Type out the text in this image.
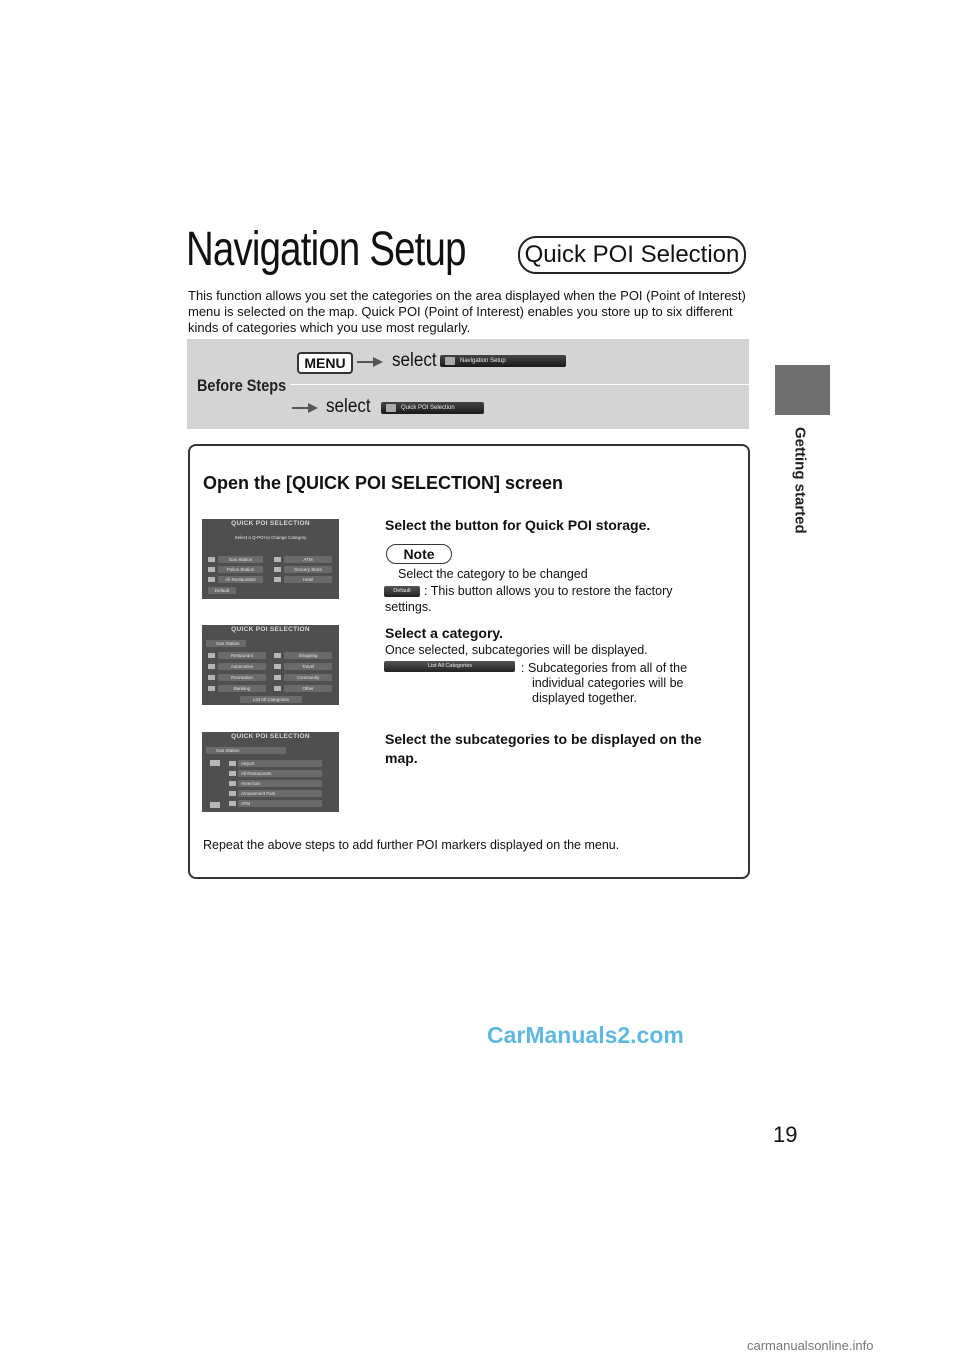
Getting started
Navigation Setup Quick POI Selection
This function allows you set the categories on the area displayed when the POI (Point of Interest) menu is selected on the map. Quick POI (Point of Interest) enables you store up to six different kinds of categories which you use most regularly.
Before Steps
MENU	select	Navigation Setup
select	Quick POI Selection
Open the [QUICK POI SELECTION] screen
QUICK POI SELECTION
Select a Q-POI to Change Category
Gas Station
Police Station
All Restaurants
ATM
Grocery Store
Hotel
Default
QUICK POI SELECTION
Gas Station
Restaurant
Automotive
Recreation
Banking
Shopping
Travel
Community
Other
List All Categories
QUICK POI SELECTION
Gas Station
Airport
All Restaurants
American
Amusement Park
ATM
Select the button for Quick POI storage.
Note
Select the category to be changed
Default	: This button allows you to restore the factory
settings.
Select a category.
Once selected, subcategories will be displayed.
List All Categories	: Subcategories from all of the
individual categories will be
displayed together.
Select the subcategories to be displayed on the
map.
Repeat the above steps to add further POI markers displayed on the menu.
CarManuals2.com
19
carmanualsonline.info
